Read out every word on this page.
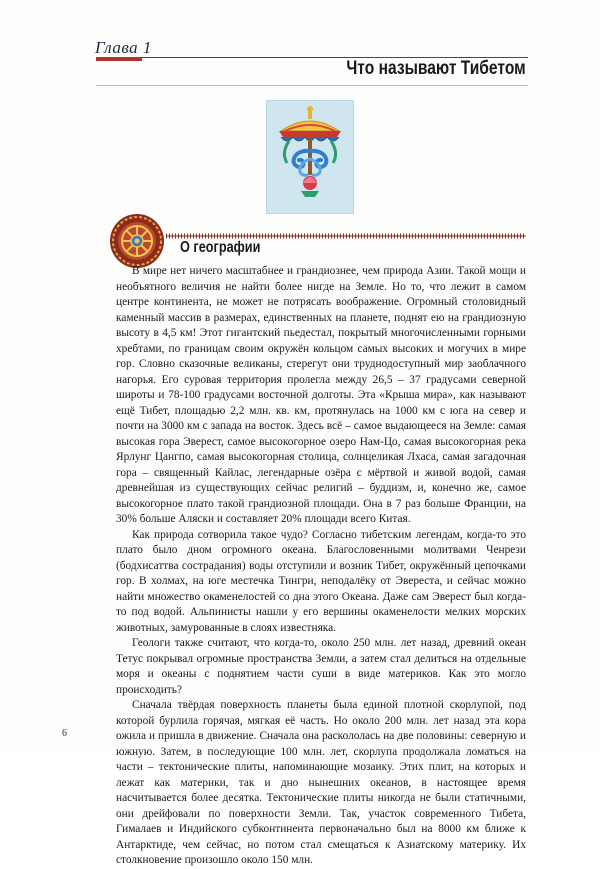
Глава 1
Что называют Тибетом
О географии

В мире нет ничего масштабнее и грандиознее, чем природа Азии. Такой мощи и необъятного величия не найти более нигде на Земле. Но то, что лежит в самом центре континента, не может не потрясать воображение. Огромный столовидный каменный массив в размерах, единственных на планете, поднят ею на грандиозную высоту в 4,5 км! Этот гигантский пьедестал, покрытый многочисленными горными хребтами, по границам своим окружён кольцом самых высоких и могучих в мире гор. Словно сказочные великаны, стерегут они труднодоступный мир заоблачного нагорья. Его суровая территория пролегла между 26,5 – 37 градусами северной широты и 78-100 градусами восточной долготы. Эта «Крыша мира», как называют ещё Тибет, площадью 2,2 млн. кв. км, протянулась на 1000 км с юга на север и почти на 3000 км с запада на восток. Здесь всё – самое выдающееся на Земле: самая высокая гора Эверест, самое высокогорное озеро Нам-Цо, самая высокогорная река Ярлунг Цангпо, самая высокогорная столица, солнцеликая Лхаса, самая загадочная гора – священный Кайлас, легендарные озёра с мёртвой и живой водой, самая древнейшая из существующих сейчас религий – буддизм, и, конечно же, самое высокогорное плато такой грандиозной площади. Она в 7 раз больше Франции, на 30% больше Аляски и составляет 20% площади всего Китая.

Как природа сотворила такое чудо? Согласно тибетским легендам, когда-то это плато было дном огромного океана. Благословенными молитвами Ченрези (бодхисаттва сострадания) воды отступили и возник Тибет, окружённый цепочками гор. В холмах, на юге местечка Тингри, неподалёку от Эвереста, и сейчас можно найти множество окаменелостей со дна этого Океана. Даже сам Эверест был когда-то под водой. Альпинисты нашли у его вершины окаменелости мелких морских животных, замурованные в слоях известняка.

Геологи также считают, что когда-то, около 250 млн. лет назад, древний океан Тетус покрывал огромные пространства Земли, а затем стал делиться на отдельные моря и океаны с поднятием части суши в виде материков. Как это могло происходить?

Сначала твёрдая поверхность планеты была единой плотной скорлупой, под которой бурлила горячая, мягкая её часть. Но около 200 млн. лет назад эта кора ожила и пришла в движение. Сначала она раскололась на две половины: северную и южную. Затем, в последующие 100 млн. лет, скорлупа продолжала ломаться на части – тектонические плиты, напоминающие мозаику. Этих плит, на которых и лежат как материки, так и дно нынешних океанов, в настоящее время насчитывается более десятка. Тектонические плиты никогда не были статичными, они дрейфовали по поверхности Земли. Так, участок современного Тибета, Гималаев и Индийского субконтинента первоначально был на 8000 км ближе к Антарктиде, чем сейчас, но потом стал смещаться к Азиатскому материку. Их столкновение произошло около 150 млн.

6
